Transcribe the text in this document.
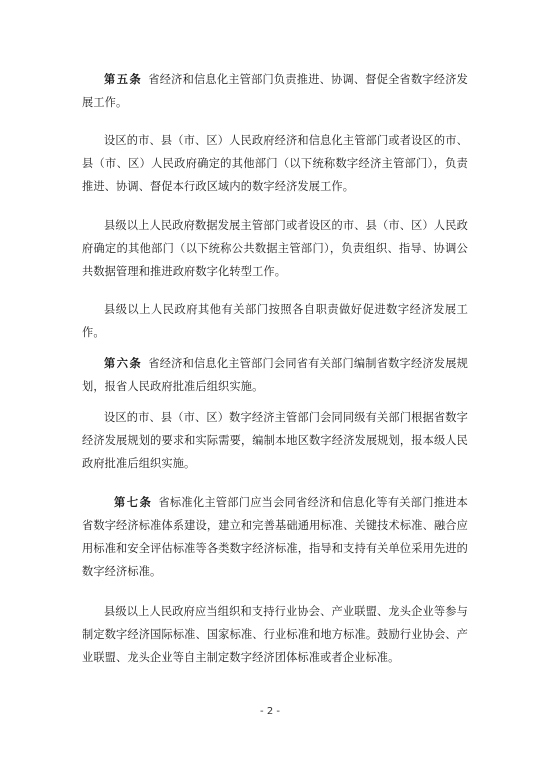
第五条 省经济和信息化主管部门负责推进、协调、督促全省数字经济发展工作。

设区的市、县（市、区）人民政府经济和信息化主管部门或者设区的市、县（市、区）人民政府确定的其他部门（以下统称数字经济主管部门），负责推进、协调、督促本行政区域内的数字经济发展工作。

县级以上人民政府数据发展主管部门或者设区的市、县（市、区）人民政府确定的其他部门（以下统称公共数据主管部门），负责组织、指导、协调公共数据管理和推进政府数字化转型工作。

县级以上人民政府其他有关部门按照各自职责做好促进数字经济发展工作。

第六条 省经济和信息化主管部门会同省有关部门编制省数字经济发展规划，报省人民政府批准后组织实施。

设区的市、县（市、区）数字经济主管部门会同同级有关部门根据省数字经济发展规划的要求和实际需要，编制本地区数字经济发展规划，报本级人民政府批准后组织实施。

第七条 省标准化主管部门应当会同省经济和信息化等有关部门推进本省数字经济标准体系建设，建立和完善基础通用标准、关键技术标准、融合应用标准和安全评估标准等各类数字经济标准，指导和支持有关单位采用先进的数字经济标准。

县级以上人民政府应当组织和支持行业协会、产业联盟、龙头企业等参与制定数字经济国际标准、国家标准、行业标准和地方标准。鼓励行业协会、产业联盟、龙头企业等自主制定数字经济团体标准或者企业标准。

- 2 -
